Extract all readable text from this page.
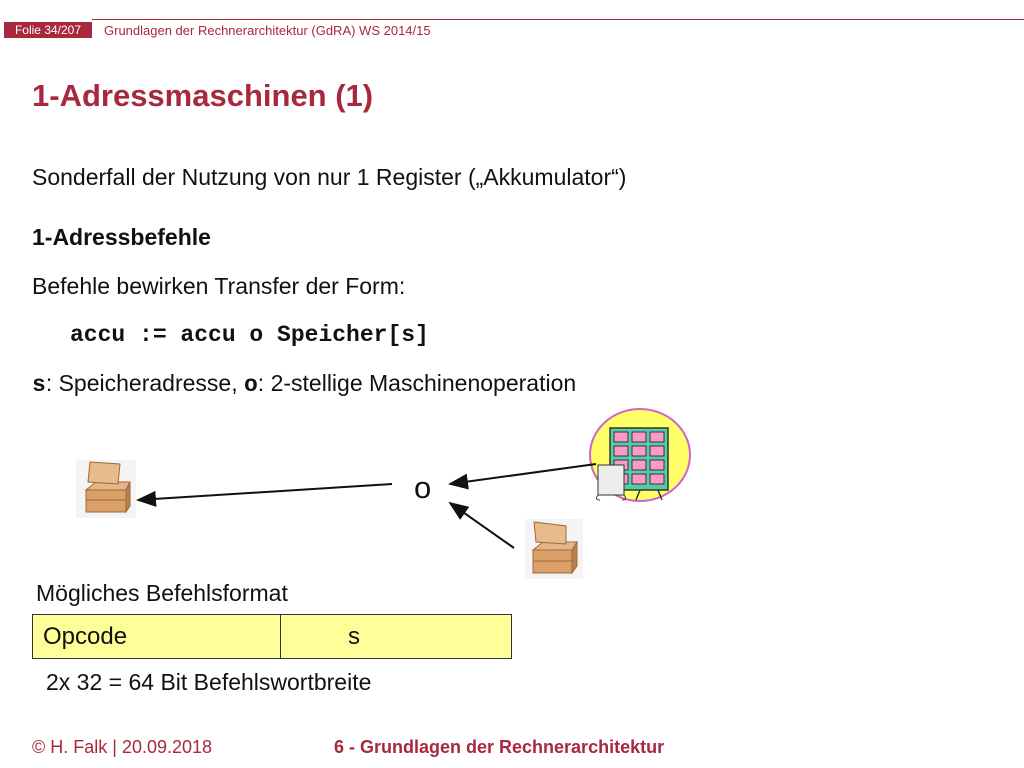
Folie 34/207	Grundlagen der Rechnerarchitektur (GdRA) WS 2014/15
1-Adressmaschinen (1)
Sonderfall der Nutzung von nur 1 Register („Akkumulator“)
1-Adressbefehle
Befehle bewirken Transfer der Form:
accu := accu o Speicher[s]
s: Speicheradresse, o: 2-stellige Maschinenoperation
o
Mögliches Befehlsformat
Opcode	s
2x 32 = 64 Bit Befehlswortbreite
© H. Falk | 20.09.2018	6 - Grundlagen der Rechnerarchitektur
